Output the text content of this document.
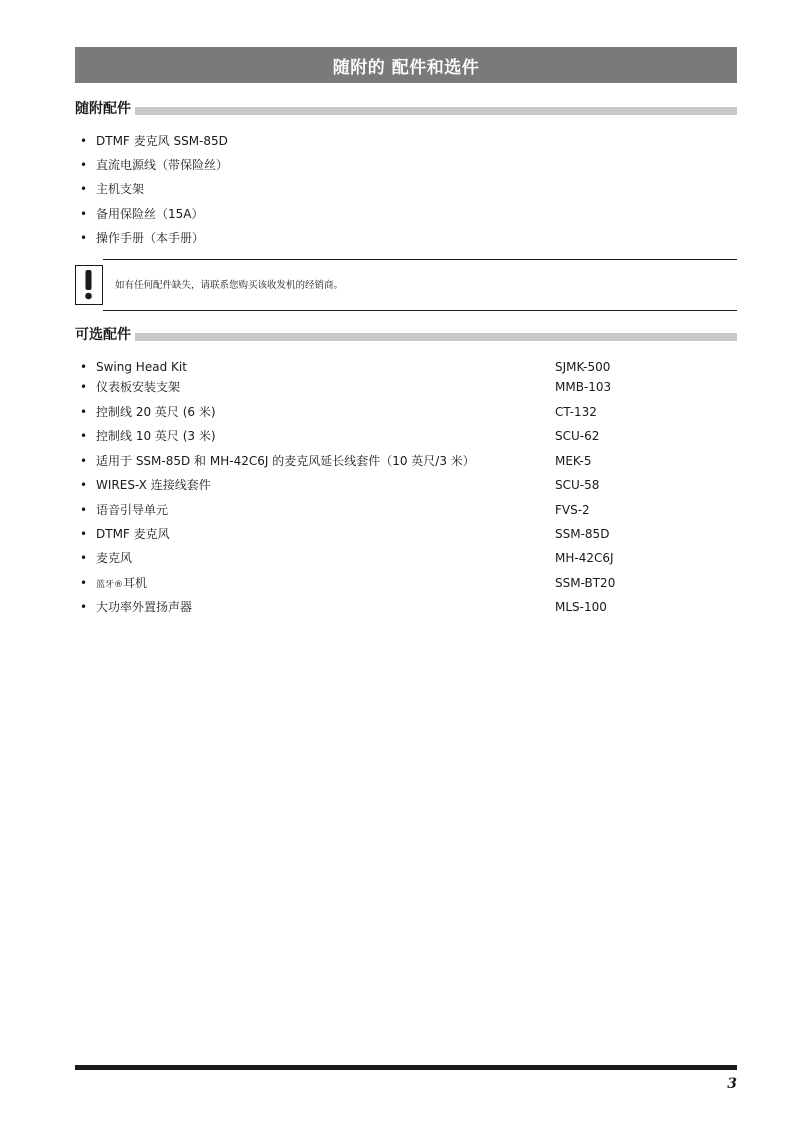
随附的 配件和选件
随附配件
• DTMF 麦克风 SSM-85D
• 直流电源线（带保险丝）
• 主机支架
• 备用保险丝（15A）
• 操作手册（本手册）
如有任何配件缺失，请联系您购买该收发机的经销商。
可选配件
• Swing Head Kit	SJMK-500
• 仪表板安装支架	MMB-103
• 控制线 20 英尺 (6 米)	CT-132
• 控制线 10 英尺 (3 米)	SCU-62
• 适用于 SSM-85D 和 MH-42C6J 的麦克风延长线套件（10 英尺/3 米）	MEK-5
• WIRES-X 连接线套件	SCU-58
• 语音引导单元	FVS-2
• DTMF 麦克风	SSM-85D
• 麦克风	MH-42C6J
• 蓝牙®耳机	SSM-BT20
• 大功率外置扬声器	MLS-100
3
